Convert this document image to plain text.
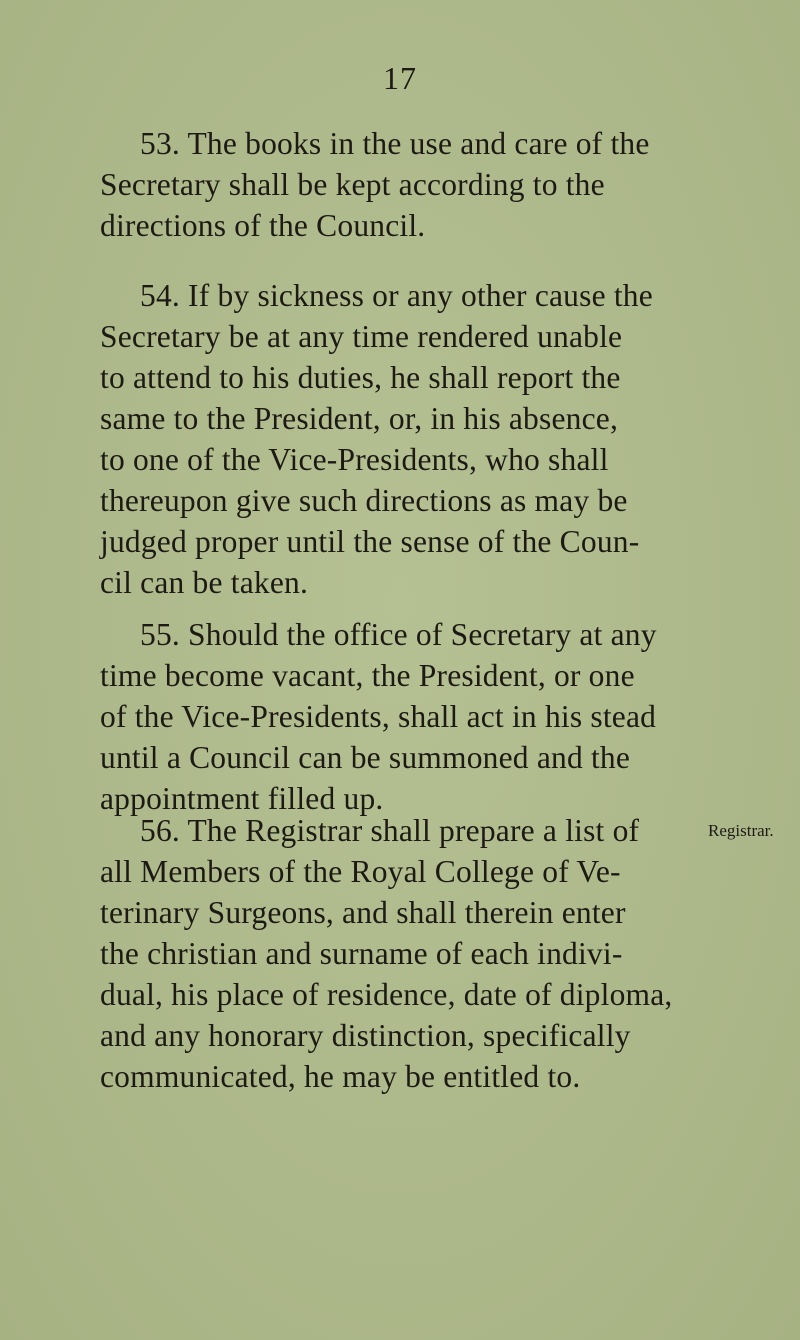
17
53. The books in the use and care of the
Secretary shall be kept according to the
directions of the Council.
54. If by sickness or any other cause the
Secretary be at any time rendered unable
to attend to his duties, he shall report the
same to the President, or, in his absence,
to one of the Vice-Presidents, who shall
thereupon give such directions as may be
judged proper until the sense of the Coun-
cil can be taken.
55. Should the office of Secretary at any
time become vacant, the President, or one
of the Vice-Presidents, shall act in his stead
until a Council can be summoned and the
appointment filled up.
56. The Registrar shall prepare a list of
all Members of the Royal College of Ve-
terinary Surgeons, and shall therein enter
the christian and surname of each indivi-
dual, his place of residence, date of diploma,
and any honorary distinction, specifically
communicated, he may be entitled to.
Registrar.
